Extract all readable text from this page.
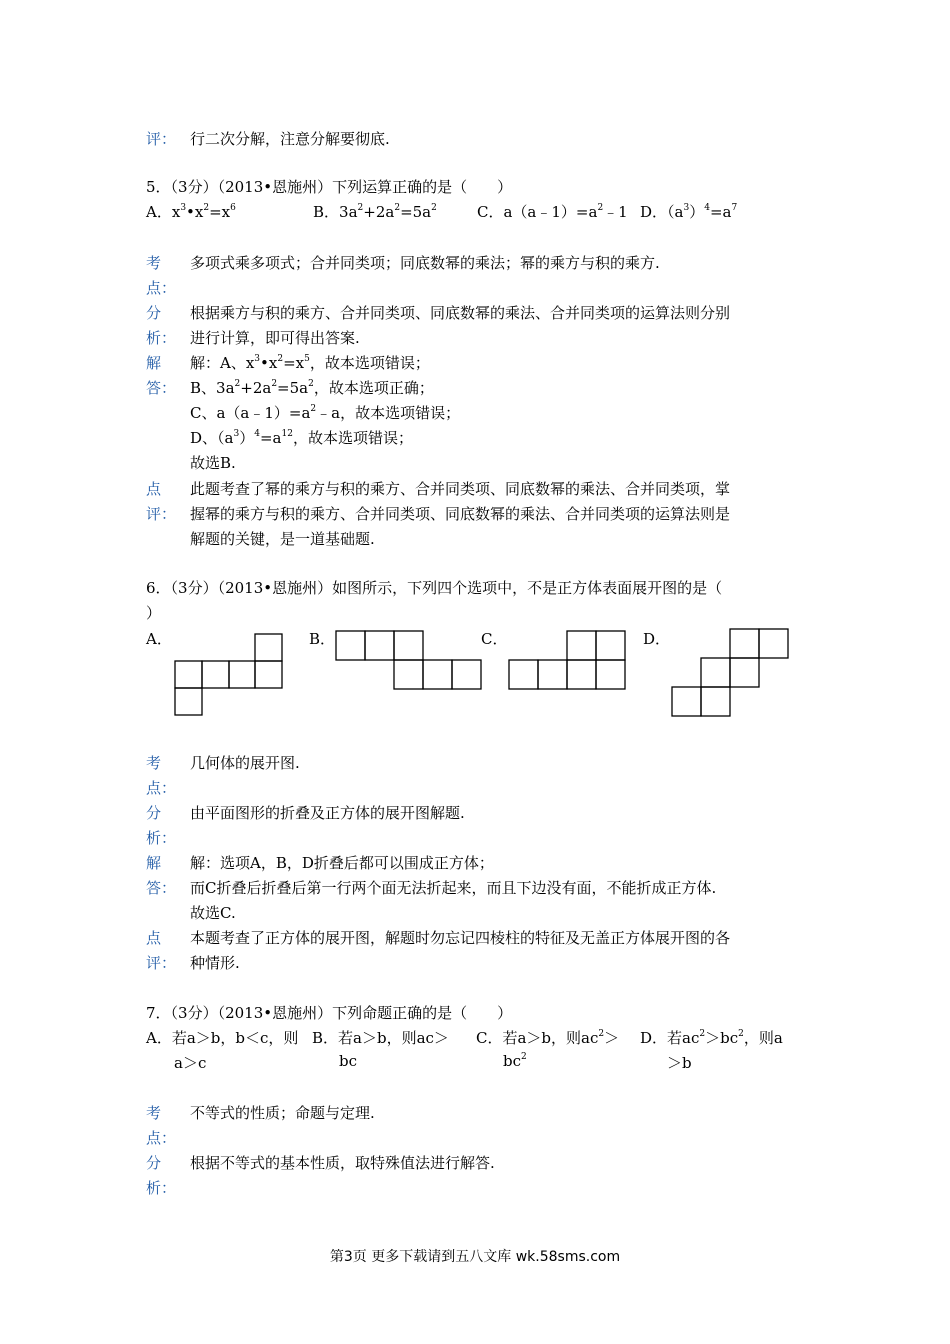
评： 行二次分解，注意分解要彻底.
5．（3分）（2013•恩施州）下列运算正确的是（　　）
A．$x^3•x^2=x^6$	B．$3a^2+2a^2=5a^2$	C．$a(a﹣1)=a^2﹣1$ D．$(a^3)^4=a^7$
考
点：
多项式乘多项式；合并同类项；同底数幂的乘法；幂的乘方与积的乘方.
分
析：
根据乘方与积的乘方、合并同类项、同底数幂的乘法、合并同类项的运算法则分别
进行计算，即可得出答案.
解
答：
解：A、$x^3•x^2=x^5$，故本选项错误；
B、$3a^2+2a^2=5a^2$，故本选项正确；
C、$a(a﹣1)=a^2﹣a$，故本选项错误；
D、$(a^3)^4=a^{12}$，故本选项错误；
故选B.
点
评：
此题考查了幂的乘方与积的乘方、合并同类项、同底数幂的乘法、合并同类项，掌
握幂的乘方与积的乘方、合并同类项、同底数幂的乘法、合并同类项的运算法则是
解题的关键，是一道基础题.
6．（3分）（2013•恩施州）如图所示，下列四个选项中，不是正方体表面展开图的是（
）
A．	B．	C．	D．
考
点：
几何体的展开图.
分
析：
由平面图形的折叠及正方体的展开图解题.
解
答：
解：选项A，B，D折叠后都可以围成正方体；
而C折叠后折叠后第一行两个面无法折起来，而且下边没有面，不能折成正方体.
故选C.
点
评：
本题考查了正方体的展开图，解题时勿忘记四棱柱的特征及无盖正方体展开图的各
种情形.
7．（3分）（2013•恩施州）下列命题正确的是（　　）
A．若a＞b，b＜c，则
a＞c
B．若a＞b，则ac＞
bc
C．若a＞b，则$ac^2>$
$bc^2$
D．若$ac^2>bc^2$，则a
＞b
考
点：
不等式的性质；命题与定理.
分
析：
根据不等式的基本性质，取特殊值法进行解答.
第3页 更多下载请到五八文库 wk.58sms.com
